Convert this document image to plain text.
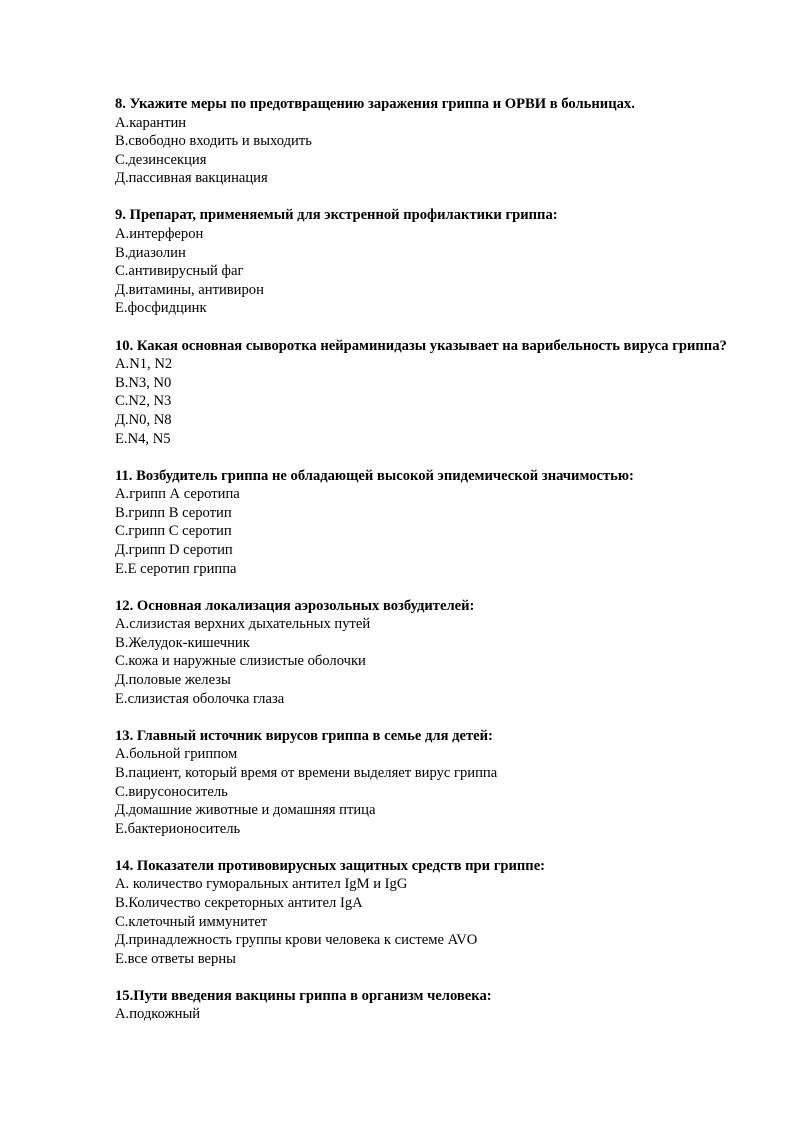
8. Укажите меры по предотвращению заражения гриппа и ОРВИ в больницах.

А.карантин

В.свободно входить и выходить

С.дезинсекция

Д.пассивная вакцинация

9. Препарат, применяемый для экстренной профилактики гриппа:

А.интерферон

В.диазолин

С.антивирусный фаг

Д.витамины, антивирон

Е.фосфидцинк

10. Какая основная сыворотка нейраминидазы указывает на варибельность вируса гриппа?

А.N1, N2

В.N3, N0

С.N2, N3

Д.N0, N8

Е.N4, N5

11. Возбудитель гриппа не обладающей высокой эпидемической значимостью:

А.грипп А серотипа

В.грипп В серотип

С.грипп С серотип

Д.грипп D серотип

Е.Е серотип гриппа

12. Основная локализация аэрозольных возбудителей:

А.слизистая верхних дыхательных путей

В.Желудок-кишечник

С.кожа и наружные слизистые оболочки

Д.половые железы

Е.слизистая оболочка глаза

13. Главный источник вирусов гриппа в семье для детей:

А.больной гриппом

В.пациент, который время от времени выделяет вирус гриппа

С.вирусоноситель

Д.домашние животные и домашняя птица

Е.бактерионоситель

14. Показатели противовирусных защитных средств при гриппе:

А. количество гуморальных антител IgM и IgG

В.Количество секреторных антител IgA

С.клеточный иммунитет

Д.принадлежность группы крови человека к системе AVO

Е.все ответы верны

15.Пути введения вакцины гриппа в организм человека:

А.подкожный
